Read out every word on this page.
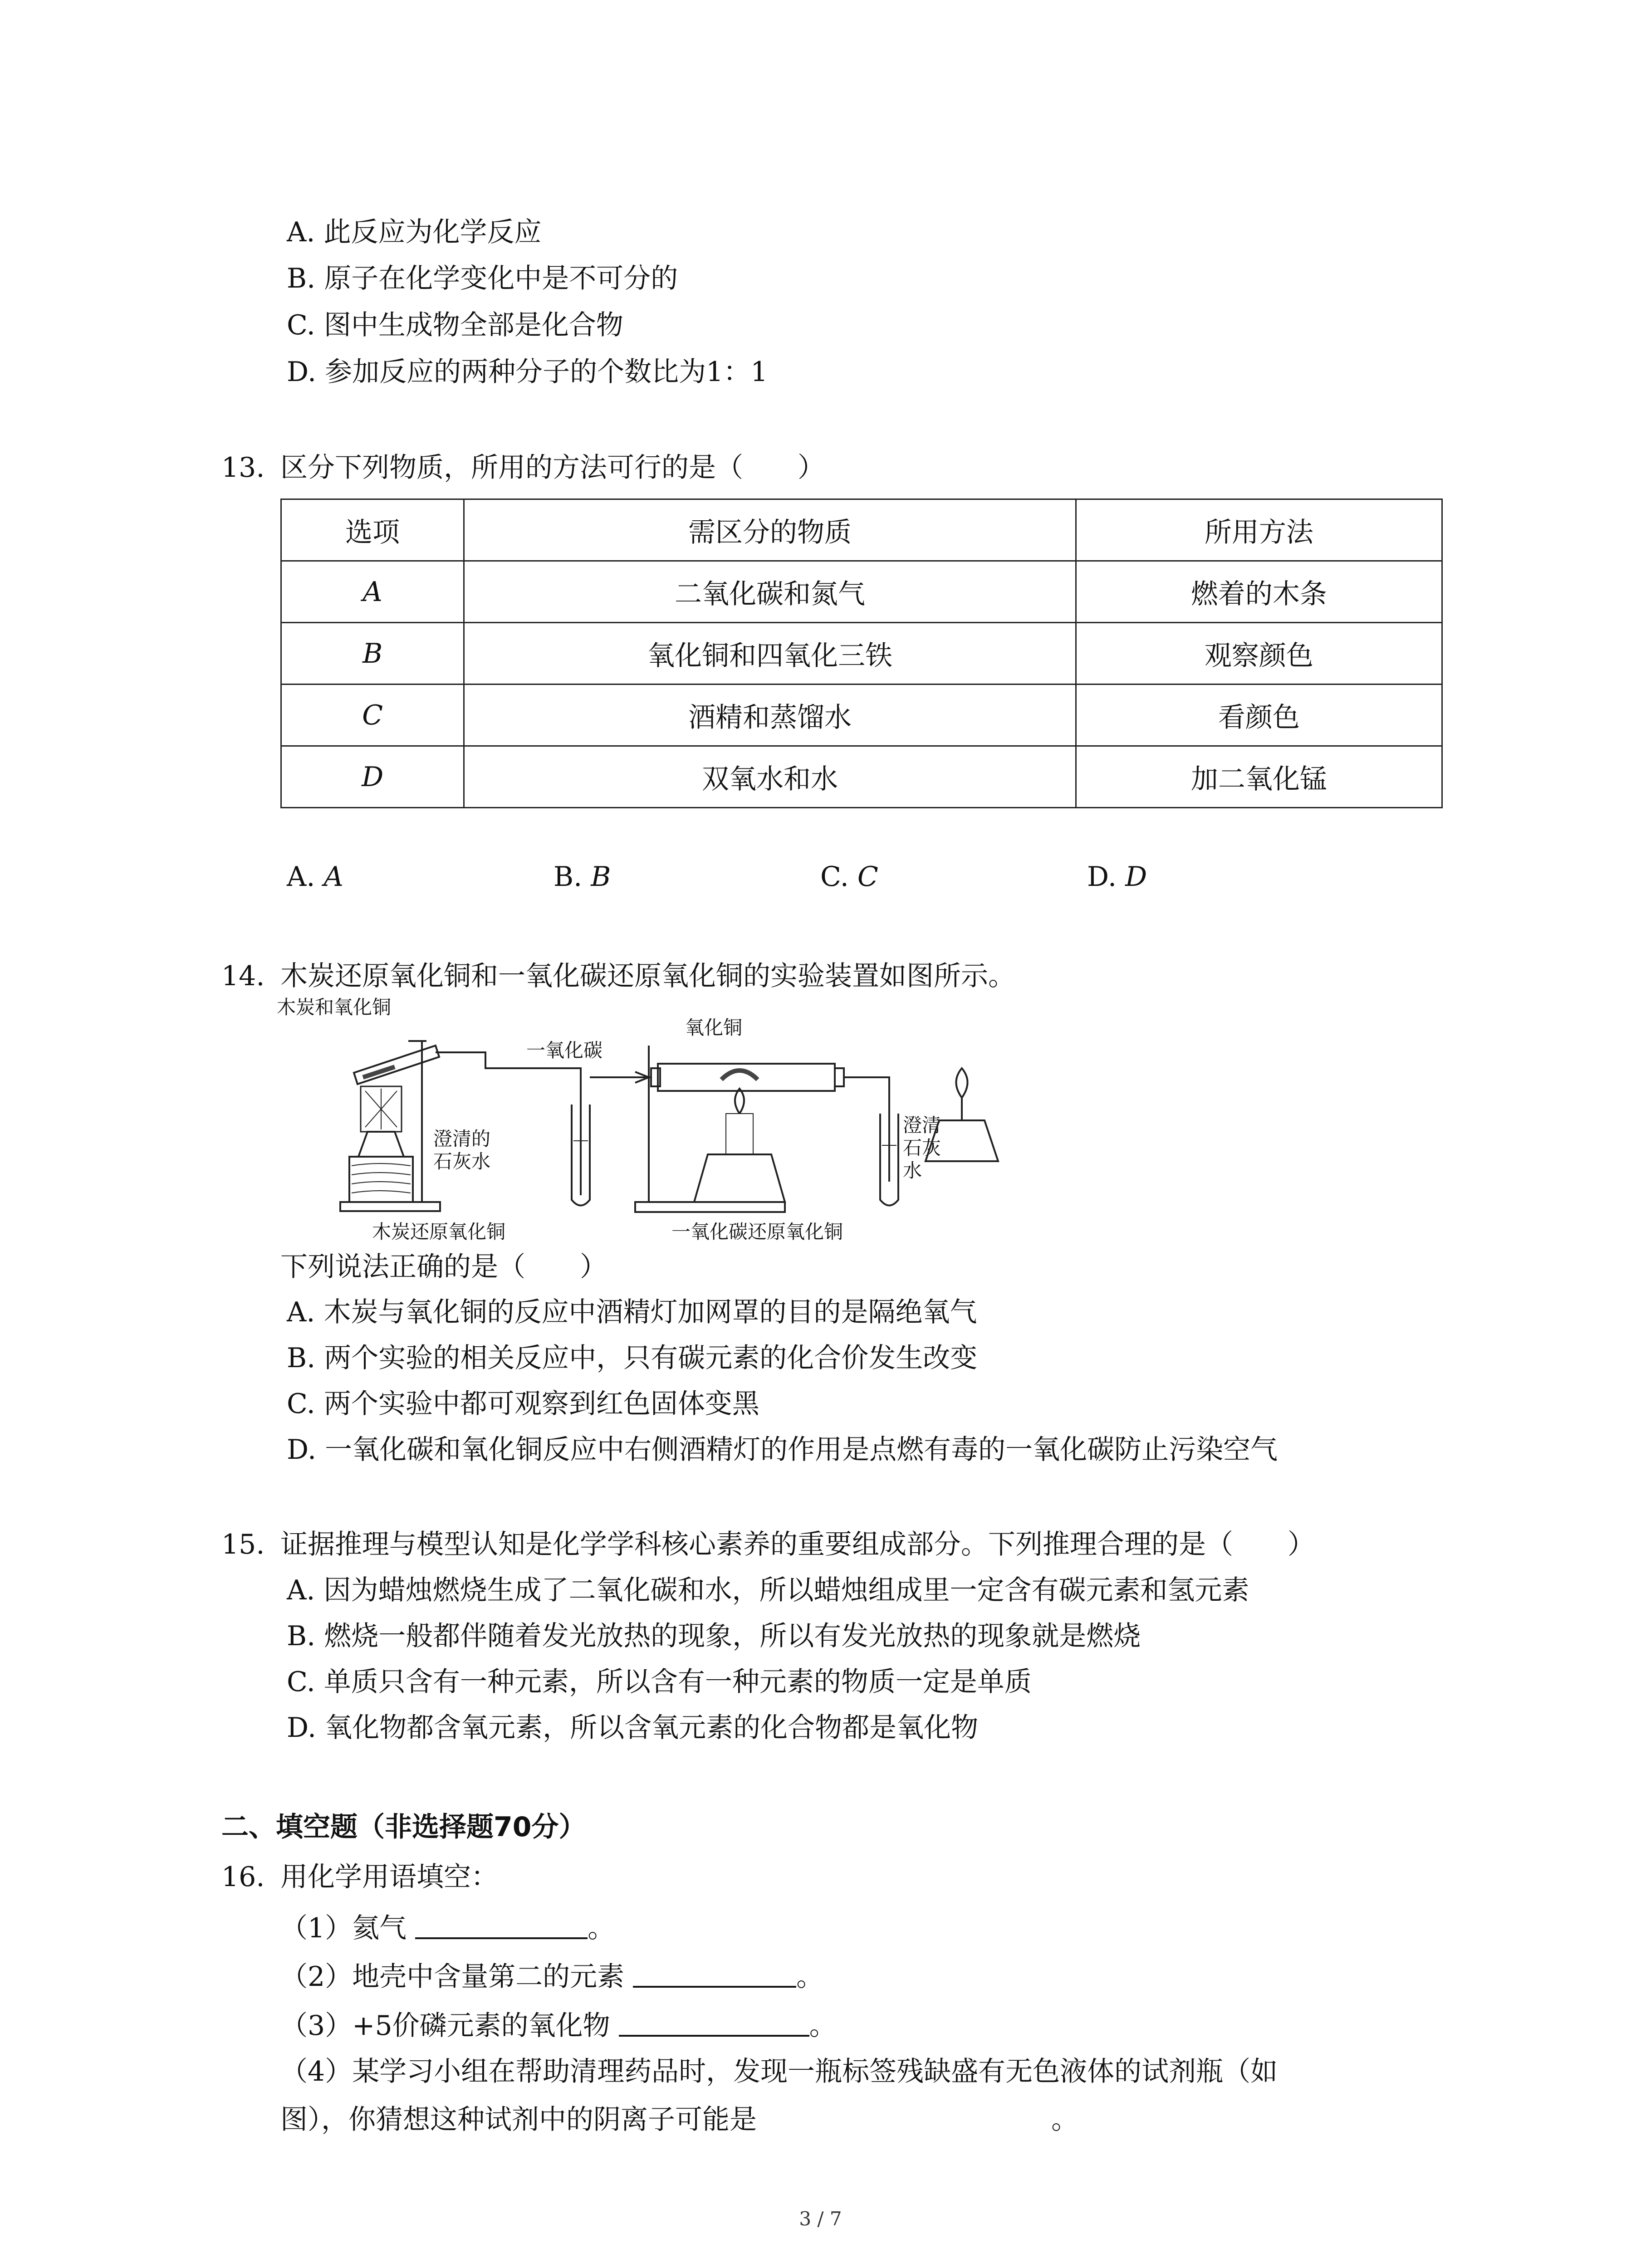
A. 此反应为化学反应
B. 原子在化学变化中是不可分的
C. 图中生成物全部是化合物
D. 参加反应的两种分子的个数比为1：1
13. 区分下列物质，所用的方法可行的是（　　）
选项	需区分的物质	所用方法
A	二氧化碳和氮气	燃着的木条
B	氧化铜和四氧化三铁	观察颜色
C	酒精和蒸馏水	看颜色
D	双氧水和水	加二氧化锰
A. A	B. B	C. C	D. D
14. 木炭还原氧化铜和一氧化碳还原氧化铜的实验装置如图所示。
木炭和氧化铜
澄清的
石灰水
木炭还原氧化铜
一氧化碳
氧化铜
澄清
石灰
水
一氧化碳还原氧化铜
下列说法正确的是（　　）
A. 木炭与氧化铜的反应中酒精灯加网罩的目的是隔绝氧气
B. 两个实验的相关反应中，只有碳元素的化合价发生改变
C. 两个实验中都可观察到红色固体变黑
D. 一氧化碳和氧化铜反应中右侧酒精灯的作用是点燃有毒的一氧化碳防止污染空气
15. 证据推理与模型认知是化学学科核心素养的重要组成部分。下列推理合理的是（　　）
A. 因为蜡烛燃烧生成了二氧化碳和水，所以蜡烛组成里一定含有碳元素和氢元素
B. 燃烧一般都伴随着发光放热的现象，所以有发光放热的现象就是燃烧
C. 单质只含有一种元素，所以含有一种元素的物质一定是单质
D. 氧化物都含氧元素，所以含氧元素的化合物都是氧化物
二、填空题（非选择题70分）
16. 用化学用语填空：
（1）氦气	。
（2）地壳中含量第二的元素	。
（3）+5价磷元素的氧化物	。
（4）某学习小组在帮助清理药品时，发现一瓶标签残缺盛有无色液体的试剂瓶（如
图），你猜想这种试剂中的阴离子可能是	。
3 / 7
